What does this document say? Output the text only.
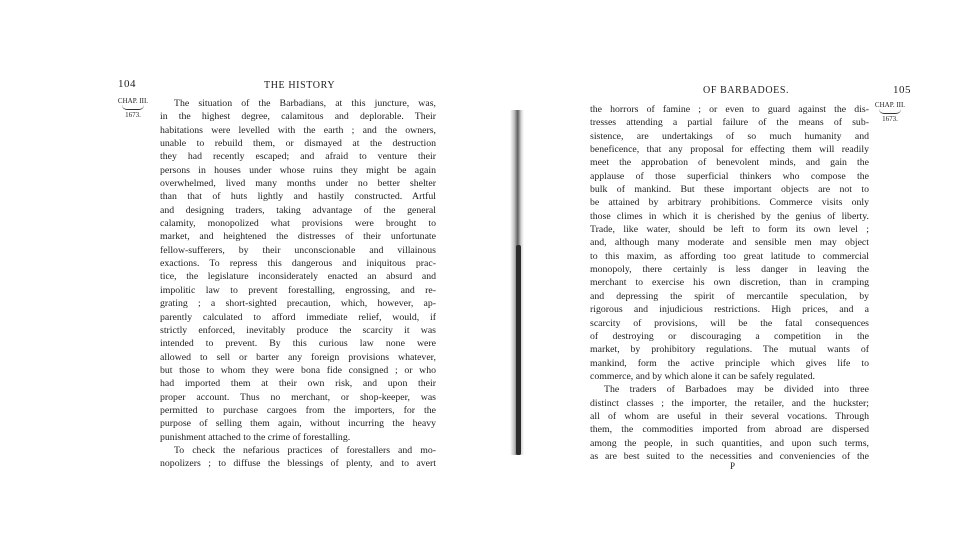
104	THE HISTORY
CHAP. III.
1673.
The situation of the Barbadians, at this juncture, was,
in the highest degree, calamitous and deplorable. Their
habitations were levelled with the earth ; and the owners,
unable to rebuild them, or dismayed at the destruction
they had recently escaped; and afraid to venture their
persons in houses under whose ruins they might be again
overwhelmed, lived many months under no better shelter
than that of huts lightly and hastily constructed. Artful
and designing traders, taking advantage of the general
calamity, monopolized what provisions were brought to
market, and heightened the distresses of their unfortunate
fellow-sufferers, by their unconscionable and villainous
exactions. To repress this dangerous and iniquitous prac-
tice, the legislature inconsiderately enacted an absurd and
impolitic law to prevent forestalling, engrossing, and re-
grating ; a short-sighted precaution, which, however, ap-
parently calculated to afford immediate relief, would, if
strictly enforced, inevitably produce the scarcity it was
intended to prevent. By this curious law none were
allowed to sell or barter any foreign provisions whatever,
but those to whom they were bona fide consigned ; or who
had imported them at their own risk, and upon their
proper account. Thus no merchant, or shop-keeper, was
permitted to purchase cargoes from the importers, for the
purpose of selling them again, without incurring the heavy
punishment attached to the crime of forestalling.
To check the nefarious practices of forestallers and mo-
nopolizers ; to diffuse the blessings of plenty, and to avert
OF BARBADOES.	105
CHAP. III.
1673.
the horrors of famine ; or even to guard against the dis-
tresses attending a partial failure of the means of sub-
sistence, are undertakings of so much humanity and
beneficence, that any proposal for effecting them will readily
meet the approbation of benevolent minds, and gain the
applause of those superficial thinkers who compose the
bulk of mankind. But these important objects are not to
be attained by arbitrary prohibitions. Commerce visits only
those climes in which it is cherished by the genius of liberty.
Trade, like water, should be left to form its own level ;
and, although many moderate and sensible men may object
to this maxim, as affording too great latitude to commercial
monopoly, there certainly is less danger in leaving the
merchant to exercise his own discretion, than in cramping
and depressing the spirit of mercantile speculation, by
rigorous and injudicious restrictions. High prices, and a
scarcity of provisions, will be the fatal consequences
of destroying or discouraging a competition in the
market, by prohibitory regulations. The mutual wants of
mankind, form the active principle which gives life to
commerce, and by which alone it can be safely regulated.
The traders of Barbadoes may be divided into three
distinct classes ; the importer, the retailer, and the huckster;
all of whom are useful in their several vocations. Through
them, the commodities imported from abroad are dispersed
among the people, in such quantities, and upon such terms,
as are best suited to the necessities and conveniencies of the
P
